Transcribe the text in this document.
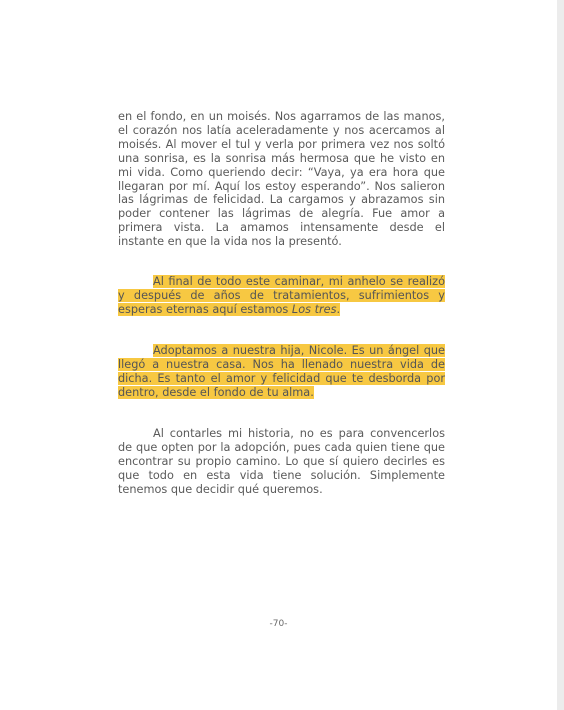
en el fondo, en un moisés. Nos agarramos de las manos, el corazón nos latía aceleradamente y nos acercamos al moisés. Al mover el tul y verla por primera vez nos soltó una sonrisa, es la sonrisa más hermosa que he visto en mi vida. Como queriendo decir: “Vaya, ya era hora que llegaran por mí. Aquí los estoy esperando”. Nos salieron las lágrimas de felicidad. La cargamos y abrazamos sin poder contener las lágrimas de alegría. Fue amor a primera vista. La amamos intensamente desde el instante en que la vida nos la presentó.

Al final de todo este caminar, mi anhelo se realizó y después de años de tratamientos, sufrimientos y esperas eternas aquí estamos Los tres.

Adoptamos a nuestra hija, Nicole. Es un ángel que llegó a nuestra casa. Nos ha llenado nuestra vida de dicha. Es tanto el amor y felicidad que te desborda por dentro, desde el fondo de tu alma.

Al contarles mi historia, no es para convencerlos de que opten por la adopción, pues cada quien tiene que encontrar su propio camino. Lo que sí quiero decirles es que todo en esta vida tiene solución. Simplemente tenemos que decidir qué queremos.

-70-
